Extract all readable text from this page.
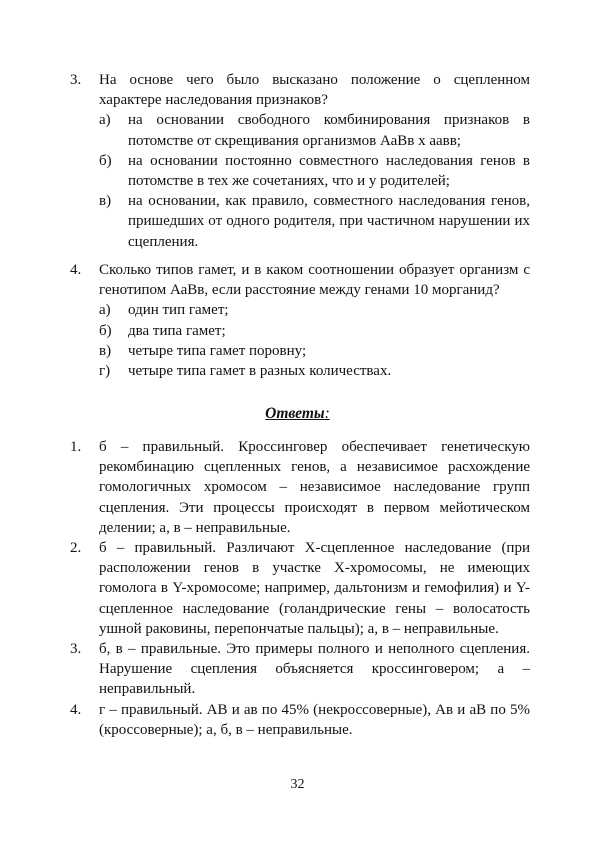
3.	На основе чего было высказано положение о сцепленном характере наследования признаков?
а)	на основании свободного комбинирования признаков в потомстве от скрещивания организмов АаВв х аавв;
б)	на основании постоянно совместного наследования генов в потомстве в тех же сочетаниях, что и у родителей;
в)	на основании, как правило, совместного наследования генов, пришедших от одного родителя, при частичном нарушении их сцепления.
4.	Сколько типов гамет, и в каком соотношении образует организм с генотипом АаВв, если расстояние между генами 10 морганид?
а)	один тип гамет;
б)	два типа гамет;
в)	четыре типа гамет поровну;
г)	четыре типа гамет в разных количествах.
Ответы:
1.	б – правильный. Кроссинговер обеспечивает генетическую рекомбинацию сцепленных генов, а независимое расхождение гомологичных хромосом – независимое наследование групп сцепления. Эти процессы происходят в первом мейотическом делении; а, в – неправильные.
2.	б – правильный. Различают Х-сцепленное наследование (при расположении генов в участке Х-хромосомы, не имеющих гомолога в Y-хромосоме; например, дальтонизм и гемофилия) и Y-сцепленное наследование (голандрические гены – волосатость ушной раковины, перепончатые пальцы); а, в – неправильные.
3.	б, в – правильные. Это примеры полного и неполного сцепления. Нарушение сцепления объясняется кроссинговером; а – неправильный.
4.	г – правильный. АВ и ав по 45% (некроссоверные), Ав и аВ по 5% (кроссоверные); а, б, в – неправильные.
32
